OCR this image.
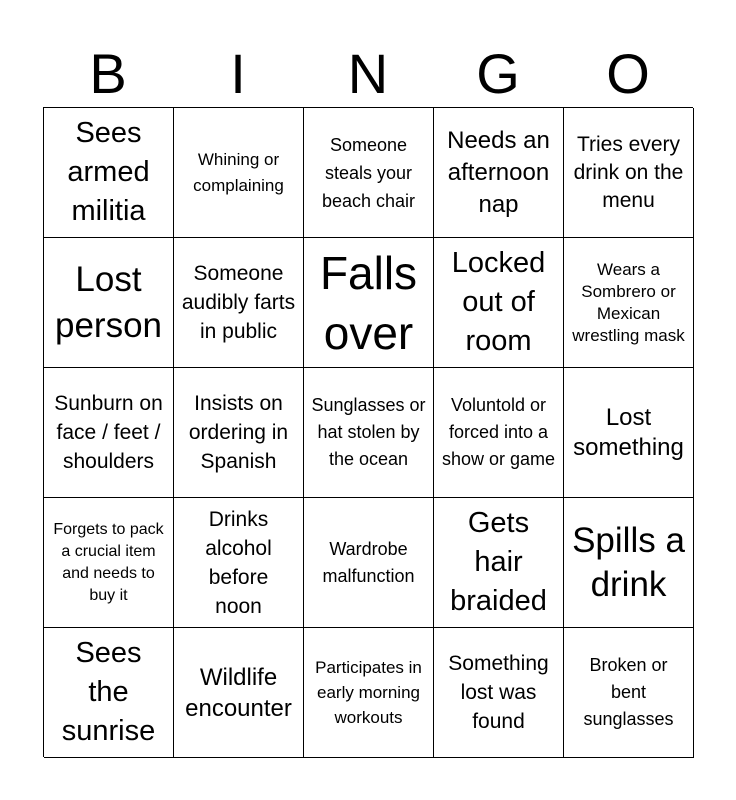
B	I	N	G	O
Sees armed militia
Whining or complaining
Someone steals your beach chair
Needs an afternoon nap
Tries every drink on the menu
Lost person
Someone audibly farts in public
Falls over
Locked out of room
Wears a Sombrero or Mexican wrestling mask
Sunburn on face / feet / shoulders
Insists on ordering in Spanish
Sunglasses or hat stolen by the ocean
Voluntold or forced into a show or game
Lost something
Forgets to pack a crucial item and needs to buy it
Drinks alcohol before noon
Wardrobe malfunction
Gets hair braided
Spills a drink
Sees the sunrise
Wildlife encounter
Participates in early morning workouts
Something lost was found
Broken or bent sunglasses
